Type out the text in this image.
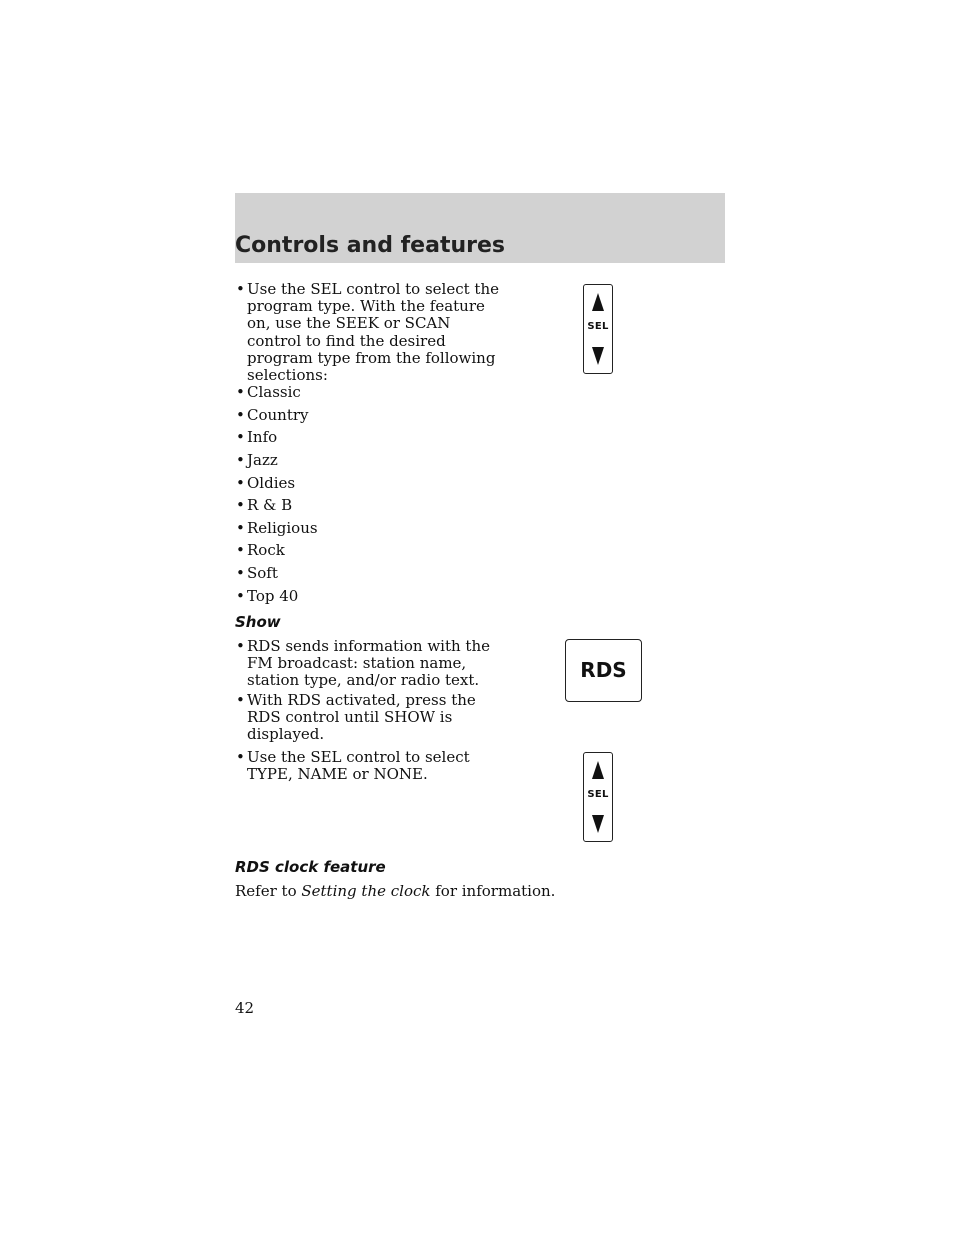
Controls and features
• Use the SEL control to select the
program type. With the feature
on, use the SEEK or SCAN
control to find the desired
program type from the following
selections:
• Classic
• Country
• Info
• Jazz
• Oldies
• R & B
• Religious
• Rock
• Soft
• Top 40
Show
• RDS sends information with the
FM broadcast: station name,
station type, and/or radio text.
• With RDS activated, press the
RDS control until SHOW is
displayed.
• Use the SEL control to select
TYPE, NAME or NONE.
RDS clock feature
Refer to Setting the clock for information.
42
SEL
RDS
SEL
